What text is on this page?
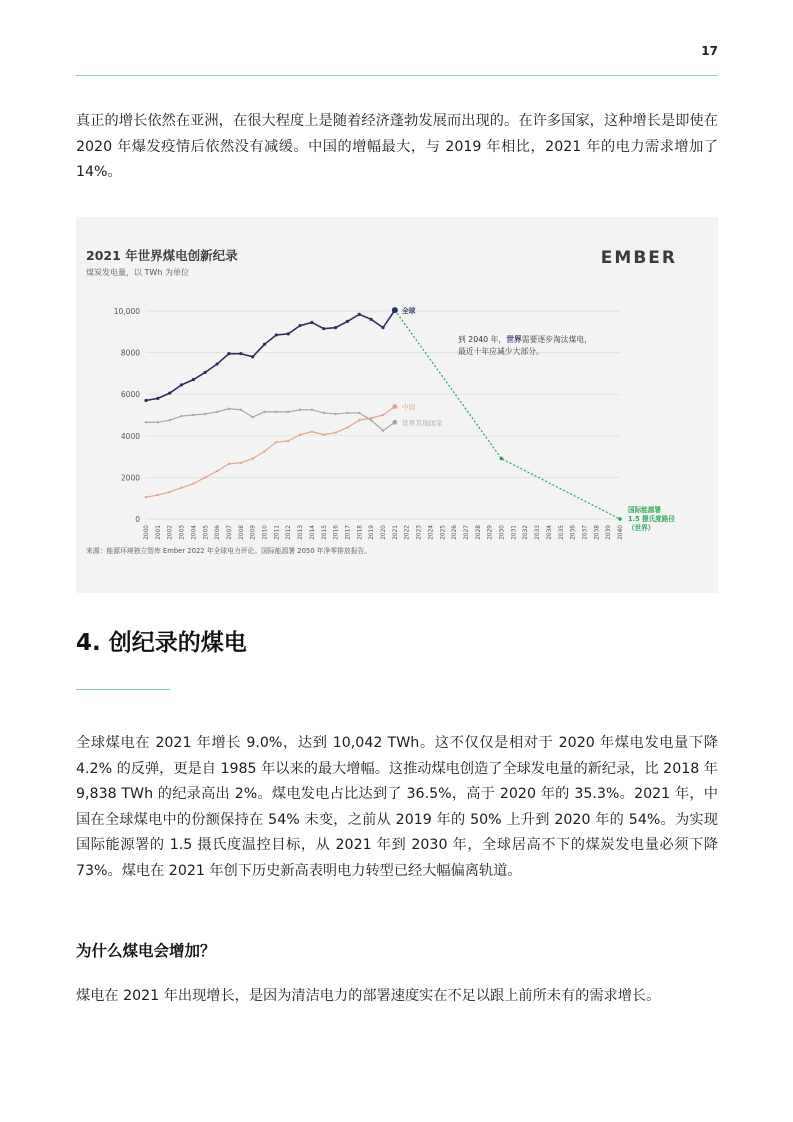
17

真正的增长依然在亚洲，在很大程度上是随着经济蓬勃发展而出现的。在许多国家，这种增长是即使在 2020 年爆发疫情后依然没有减缓。中国的增幅最大，与 2019 年相比，2021 年的电力需求增加了 14%。

2021 年世界煤电创新纪录
煤炭发电量，以 TWh 为单位
EMBER
0
2000
4000
6000
8000
10,000
2000 2001 2002 2003 2004 2005 2006 2007 2008 2009 2010 2011 2012 2013 2014 2015 2016 2017 2018 2019 2020 2021 2022 2023 2024 2025 2026 2027 2028 2029 2030 2031 2032 2033 2034 2035 2036 2037 2038 2039 2040
世界其他国家
中国
全球
到 2040 年，世界需要逐步淘汰煤电，
最近十年应减少大部分。
国际能源署
1.5 摄氏度路径
（世界）
来源：能源环境独立智库 Ember 2022 年全球电力评论。国际能源署 2050 年净零排放报告。
4. 创纪录的煤电

全球煤电在 2021 年增长 9.0%，达到 10,042 TWh。这不仅仅是相对于 2020 年煤电发电量下降 4.2% 的反弹，更是自 1985 年以来的最大增幅。这推动煤电创造了全球发电量的新纪录，比 2018 年 9,838 TWh 的纪录高出 2%。煤电发电占比达到了 36.5%，高于 2020 年的 35.3%。2021 年，中国在全球煤电中的份额保持在 54% 未变，之前从 2019 年的 50% 上升到 2020 年的 54%。为实现国际能源署的 1.5 摄氏度温控目标，从 2021 年到 2030 年，全球居高不下的煤炭发电量必须下降 73%。煤电在 2021 年创下历史新高表明电力转型已经大幅偏离轨道。

为什么煤电会增加？

煤电在 2021 年出现增长，是因为清洁电力的部署速度实在不足以跟上前所未有的需求增长。
